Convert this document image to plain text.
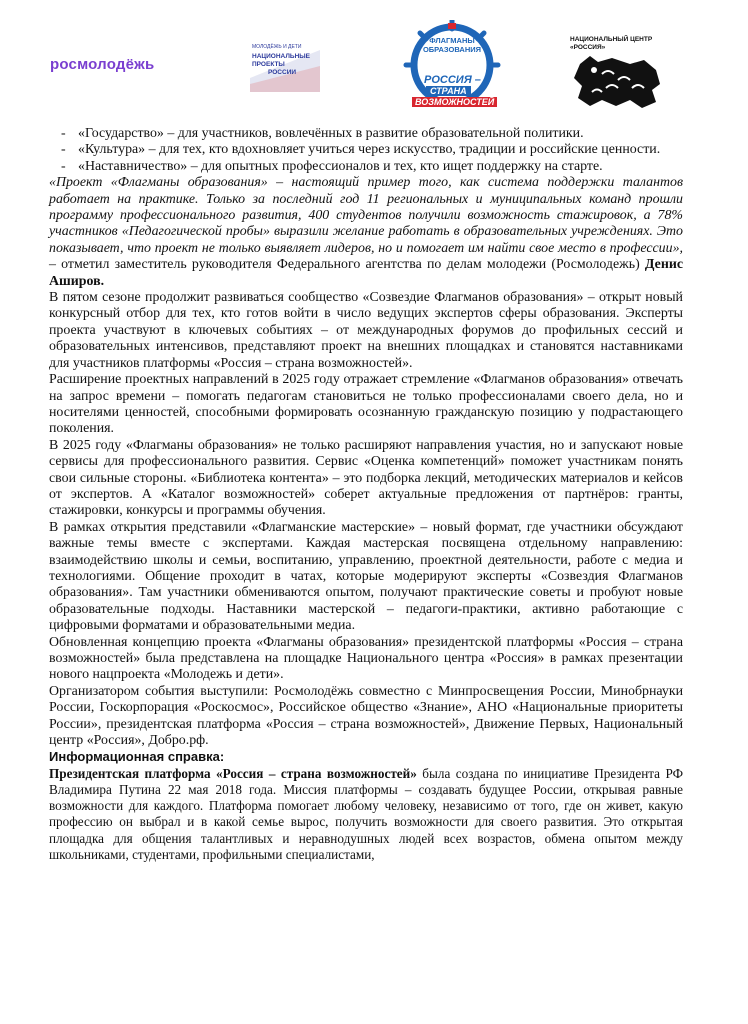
росмолодёжь
МОЛОДЁЖЬ И ДЕТИ
НАЦИОНАЛЬНЫЕ
ПРОЕКТЫ
РОССИИ
ФЛАГМАНЫ ОБРАЗОВАНИЯ
РОССИЯ –
СТРАНА
ВОЗМОЖНОСТЕЙ
НАЦИОНАЛЬНЫЙ ЦЕНТР
«РОССИЯ»
- «Государство» – для участников, вовлечённых в развитие образовательной политики.
- «Культура» – для тех, кто вдохновляет учиться через искусство, традиции и российские ценности.
- «Наставничество» – для опытных профессионалов и тех, кто ищет поддержку на старте.

«Проект «Флагманы образования» – настоящий пример того, как система поддержки талантов работает на практике. Только за последний год 11 региональных и муниципальных команд прошли программу профессионального развития, 400 студентов получили возможность стажировок, а 78% участников «Педагогической пробы» выразили желание работать в образовательных учреждениях. Это показывает, что проект не только выявляет лидеров, но и помогает им найти свое место в профессии», – отметил заместитель руководителя Федерального агентства по делам молодежи (Росмолодежь) Денис Аширов.

В пятом сезоне продолжит развиваться сообщество «Созвездие Флагманов образования» – открыт новый конкурсный отбор для тех, кто готов войти в число ведущих экспертов сферы образования. Эксперты проекта участвуют в ключевых событиях – от международных форумов до профильных сессий и образовательных интенсивов, представляют проект на внешних площадках и становятся наставниками для участников платформы «Россия – страна возможностей».

Расширение проектных направлений в 2025 году отражает стремление «Флагманов образования» отвечать на запрос времени – помогать педагогам становиться не только профессионалами своего дела, но и носителями ценностей, способными формировать осознанную гражданскую позицию у подрастающего поколения.

В 2025 году «Флагманы образования» не только расширяют направления участия, но и запускают новые сервисы для профессионального развития. Сервис «Оценка компетенций» поможет участникам понять свои сильные стороны. «Библиотека контента» – это подборка лекций, методических материалов и кейсов от экспертов. А «Каталог возможностей» соберет актуальные предложения от партнёров: гранты, стажировки, конкурсы и программы обучения.

В рамках открытия представили «Флагманские мастерские» – новый формат, где участники обсуждают важные темы вместе с экспертами. Каждая мастерская посвящена отдельному направлению: взаимодействию школы и семьи, воспитанию, управлению, проектной деятельности, работе с медиа и технологиями. Общение проходит в чатах, которые модерируют эксперты «Созвездия Флагманов образования». Там участники обмениваются опытом, получают практические советы и пробуют новые образовательные подходы. Наставники мастерской – педагоги-практики, активно работающие с цифровыми форматами и образовательными медиа.

Обновленная концепцию проекта «Флагманы образования» президентской платформы «Россия – страна возможностей» была представлена на площадке Национального центра «Россия» в рамках презентации нового нацпроекта «Молодежь и дети».

Организатором события выступили: Росмолодёжь совместно с Минпросвещения России, Минобрнауки России, Госкорпорация «Роскосмос», Российское общество «Знание», АНО «Национальные приоритеты России», президентская платформа «Россия – страна возможностей», Движение Первых, Национальный центр «Россия», Добро.рф.

Информационная справка:

Президентская платформа «Россия – страна возможностей» была создана по инициативе Президента РФ Владимира Путина 22 мая 2018 года. Миссия платформы – создавать будущее России, открывая равные возможности для каждого. Платформа помогает любому человеку, независимо от того, где он живет, какую профессию он выбрал и в какой семье вырос, получить возможности для своего развития. Это открытая площадка для общения талантливых и неравнодушных людей всех возрастов, обмена опытом между школьниками, студентами, профильными специалистами,
